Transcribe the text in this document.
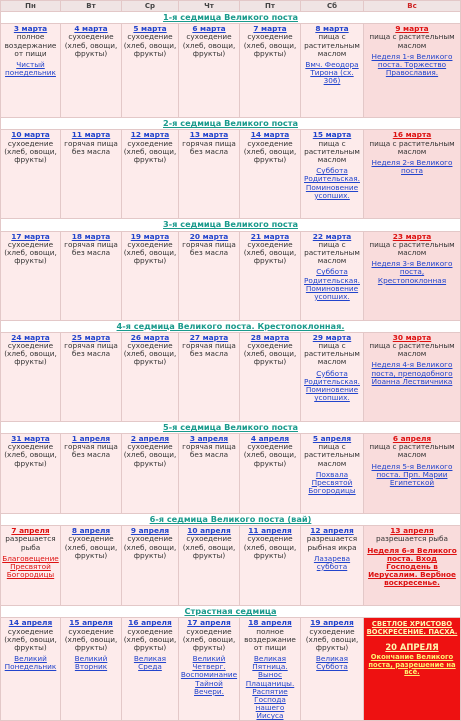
Пн	Вт	Ср	Чт	Пт	Сб	Вс
1-я седмица Великого поста						

3 марта
полное воздержание от пищи
Чистый понедельник	4 марта
сухоедение (хлеб, овощи, фрукты)	5 марта
сухоедение (хлеб, овощи, фрукты)	6 марта
сухоедение (хлеб, овощи, фрукты)	7 марта
сухоедение (хлеб, овощи, фрукты)	8 марта
пища с растительным маслом
Вмч. Феодора Тирона (сх. 306)	9 марта
пища с растительным маслом
Неделя 1-я Великого поста. Торжество Православия.

2-я седмица Великого поста						

10 марта
сухоедение (хлеб, овощи, фрукты)	11 марта
горячая пища без масла	12 марта
сухоедение (хлеб, овощи, фрукты)	13 марта
горячая пища без масла	14 марта
сухоедение (хлеб, овощи, фрукты)	15 марта
пища с растительным маслом
Суббота Родительская. Поминовение усопших.	16 марта
пища с растительным маслом
Неделя 2-я Великого поста

3-я седмица Великого поста						

17 марта
сухоедение (хлеб, овощи, фрукты)	18 марта
горячая пища без масла	19 марта
сухоедение (хлеб, овощи, фрукты)	20 марта
горячая пища без масла	21 марта
сухоедение (хлеб, овощи, фрукты)	22 марта
пища с растительным маслом
Суббота Родительская. Поминовение усопших.	23 марта
пища с растительным маслом
Неделя 3-я Великого поста, Крестопоклонная

4-я седмица Великого поста. Крестопоклонная.						

24 марта
сухоедение (хлеб, овощи, фрукты)	25 марта
горячая пища без масла	26 марта
сухоедение (хлеб, овощи, фрукты)	27 марта
горячая пища без масла	28 марта
сухоедение (хлеб, овощи, фрукты)	29 марта
пища с растительным маслом
Суббота Родительская. Поминовение усопших.	30 марта
пища с растительным маслом
Неделя 4-я Великого поста, преподобного Иоанна Лествичника

5-я седмица Великого поста						

31 марта
сухоедение (хлеб, овощи, фрукты)	1 апреля
горячая пища без масла	2 апреля
сухоедение (хлеб, овощи, фрукты)	3 апреля
горячая пища без масла	4 апреля
сухоедение (хлеб, овощи, фрукты)	5 апреля
пища с растительным маслом
Похвала Пресвятой Богородицы	6 апреля
пища с растительным маслом
Неделя 5-я Великого поста. Прп. Марии Египетской

6-я седмица Великого поста (вай)						

7 апреля
разрешается рыба
Благовещение Пресвятой Богородицы	8 апреля
сухоедение (хлеб, овощи, фрукты)	9 апреля
сухоедение (хлеб, овощи, фрукты)	10 апреля
сухоедение (хлеб, овощи, фрукты)	11 апреля
сухоедение (хлеб, овощи, фрукты)	12 апреля
разрешается рыбная икра
Лазарева суббота	13 апреля
разрешается рыба
Неделя 6-я Великого поста. Вход Господень в Иерусалим. Вербное воскресенье.

Страстная седмица						

14 апреля
сухоедение (хлеб, овощи, фрукты)
Великий Понедельник	15 апреля
сухоедение (хлеб, овощи, фрукты)
Великий Вторник	16 апреля
сухоедение (хлеб, овощи, фрукты)
Великая Среда	17 апреля
сухоедение (хлеб, овощи, фрукты)
Великий Четверг. Воспоминание Тайной Вечери.	18 апреля
полное воздержание от пищи
Великая Пятница. Вынос Плащаницы. Распятие Господа нашего Иисуса	19 апреля
сухоедение (хлеб, овощи, фрукты)
Великая Суббота	СВЕТЛОЕ ХРИСТОВО ВОСКРЕСЕНИЕ. ПАСХА.
20 АПРЕЛЯ
Окончание Великого поста, разрешение на всё.
